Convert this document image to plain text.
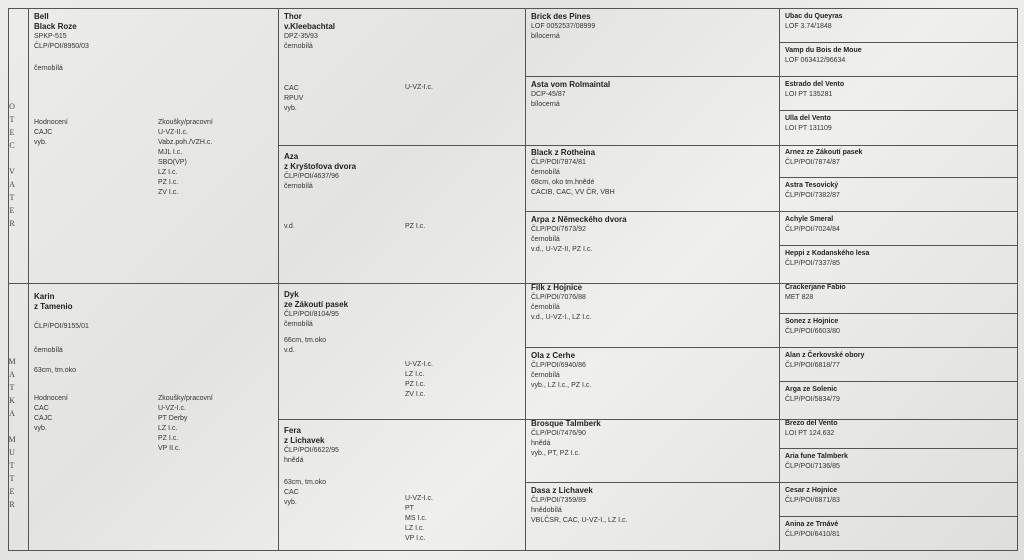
O
T
E
C
V
A
T
E
R
M
A
T
K
A
M
U
T
T
E
R
Bell
Black Roze
SPKP-515
ČLP/POI/8950/03
černobílá
Hodnocení
CAJC
vyb.
Zkoušky/pracovní
U-VZ-II.c.
Vabz.poh./VZH.c.
MJL I.c.
SBO(VP)
LZ I.c.
PZ I.c.
ZV I.c.
Karin
z Tamenio
ČLP/POI/9155/01
černobílá
63cm, tm.oko
Hodnocení
CAC
CAJC
vyb.
Zkoušky/pracovní
U-VZ-I.c.
PT Derby
LZ I.c.
PZ I.c.
VP II.c.
Thor
v.Kleebachtal
DPZ-35/93
černobílá
CAC
RPUV
vyb.
U-VZ-I.c.
Aza
z Kryštofova dvora
ČLP/POI/4637/96
černobílá
v.d.	PZ I.c.
Dyk
ze Zákoutí pasek
ČLP/POI/8104/95
černobílá
66cm, tm.oko
v.d.
U-VZ-I.c.
LZ I.c.
PZ I.c.
ZV I.c.
Fera
z Lichavek
ČLP/POI/6622/95
hnědá
63cm, tm.oko
CAC
vyb.
U-VZ-I.c.
PT
MS I.c.
LZ I.c.
VP I.c.
Brick des Pines
LOF 0052537/08999
bílocerná
Asta vom Rolmaintal
DCP-45/87
bílocerná
Black z Rotheina
ČLP/POI/7874/81
černobílá
68cm, oko tm.hnědé
CACIB, CAC, VV ČR, VBH
Arpa z Německého dvora
ČLP/POI/7673/92
černobílá
v.d., U-VZ-II, PZ I.c.
Filk z Hojnice
ČLP/POI/7076/88
černobílá
v.d., U-VZ-I., LZ I.c.
Ola z Cerhe
ČLP/POI/6940/86
černobílá
vyb., LZ I.c., PZ I.c.
Brosque Talmberk
ČLP/POI/7476/90
hnědá
vyb., PT, PZ I.c.
Dasa z Lichavek
ČLP/POI/7359/89
hnědobílá
VBLČSR, CAC, U-VZ-I., LZ I.c.
Ubac du Queyras
LOF 3.74/1848
Vamp du Bois de Moue
LOF 063412/96634
Estrado del Vento
LOI PT 135281
Ulla del Vento
LOI PT 131109
Arnez ze Zákoutí pasek
ČLP/POI/7874/87
Astra Tesovický
ČLP/POI/7382/87
Achyle Smeral
ČLP/POI/7024/84
Heppi z Kodanského lesa
ČLP/POI/7337/85
Crackerjane Fabio
MET 828
Sonez z Hojnice
ČLP/POI/6603/80
Alan z Čerkovské obory
ČLP/POI/6818/77
Arga ze Solenic
ČLP/POI/5834/79
Brezo del Vento
LOI PT 124.632
Aria fune Talmberk
ČLP/POI/7136/85
Cesar z Hojnice
ČLP/POI/6871/83
Anina ze Trnávé
ČLP/POI/6410/81
